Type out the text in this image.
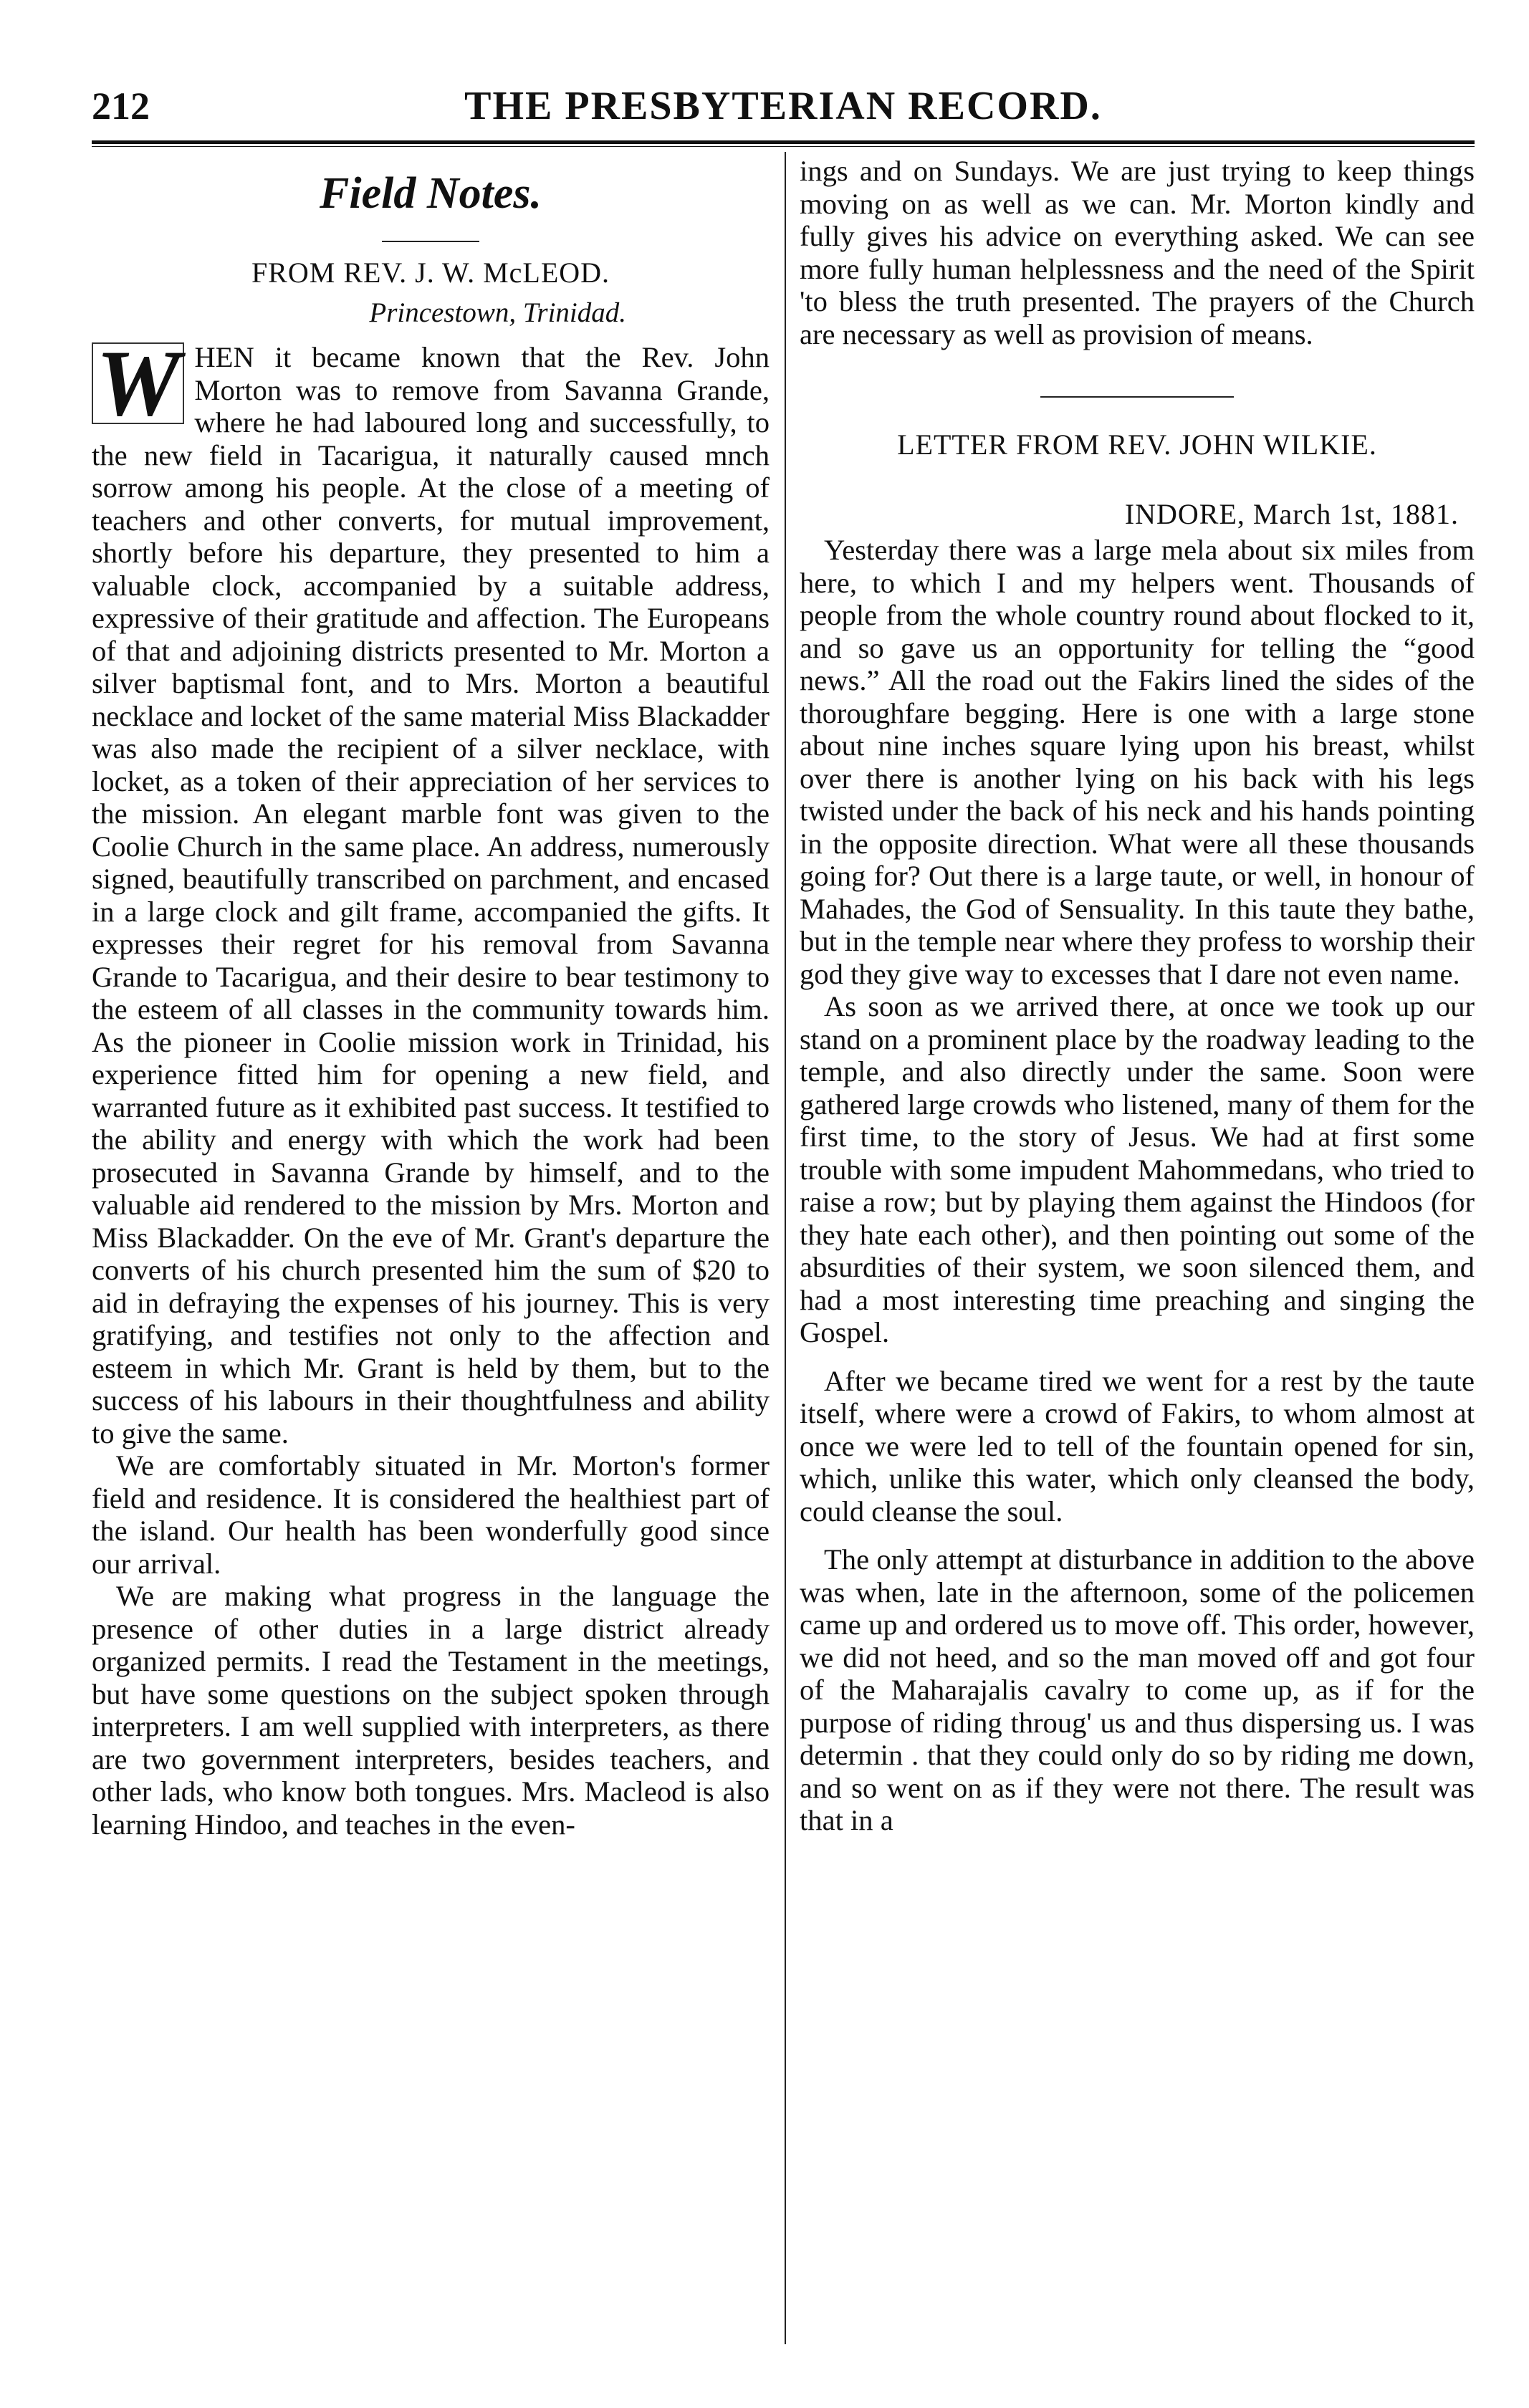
212	THE PRESBYTERIAN RECORD.
Field Notes.
FROM REV. J. W. McLEOD.
Princestown, Trinidad.

W HEN it became known that the Rev. John Morton was to remove from Savanna Grande, where he had laboured long and successfully, to the new field in Tacarigua, it naturally caused mnch sorrow among his people. At the close of a meeting of teachers and other converts, for mutual improvement, shortly before his departure, they presented to him a valuable clock, accompanied by a suitable address, expressive of their gratitude and affection. The Europeans of that and adjoining districts presented to Mr. Morton a silver baptismal font, and to Mrs. Morton a beautiful necklace and locket of the same material Miss Blackadder was also made the recipient of a silver necklace, with locket, as a token of their appreciation of her services to the mission. An elegant marble font was given to the Coolie Church in the same place. An address, numerously signed, beautifully transcribed on parchment, and encased in a large clock and gilt frame, accompanied the gifts. It expresses their regret for his removal from Savanna Grande to Tacarigua, and their desire to bear testimony to the esteem of all classes in the community towards him. As the pioneer in Coolie mission work in Trinidad, his experience fitted him for opening a new field, and warranted future as it exhibited past success. It testified to the ability and energy with which the work had been prosecuted in Savanna Grande by himself, and to the valuable aid rendered to the mission by Mrs. Morton and Miss Blackadder. On the eve of Mr. Grant's departure the converts of his church presented him the sum of $20 to aid in defraying the expenses of his journey. This is very gratifying, and testifies not only to the affection and esteem in which Mr. Grant is held by them, but to the success of his labours in their thoughtfulness and ability to give the same.

We are comfortably situated in Mr. Morton's former field and residence. It is considered the healthiest part of the island. Our health has been wonderfully good since our arrival.

We are making what progress in the language the presence of other duties in a large district already organized permits. I read the Testament in the meetings, but have some questions on the subject spoken through interpreters. I am well supplied with interpreters, as there are two government interpreters, besides teachers, and other lads, who know both tongues. Mrs. Macleod is also learning Hindoo, and teaches in the even-

ings and on Sundays. We are just trying to keep things moving on as well as we can. Mr. Morton kindly and fully gives his advice on everything asked. We can see more fully human helplessness and the need of the Spirit 'to bless the truth presented. The prayers of the Church are necessary as well as provision of means.

LETTER FROM REV. JOHN WILKIE.
INDORE, March 1st, 1881.

Yesterday there was a large mela about six miles from here, to which I and my helpers went. Thousands of people from the whole country round about flocked to it, and so gave us an opportunity for telling the “good news.” All the road out the Fakirs lined the sides of the thoroughfare begging. Here is one with a large stone about nine inches square lying upon his breast, whilst over there is another lying on his back with his legs twisted under the back of his neck and his hands pointing in the opposite direction. What were all these thousands going for? Out there is a large taute, or well, in honour of Mahades, the God of Sensuality. In this taute they bathe, but in the temple near where they profess to worship their god they give way to excesses that I dare not even name.

As soon as we arrived there, at once we took up our stand on a prominent place by the roadway leading to the temple, and also directly under the same. Soon were gathered large crowds who listened, many of them for the first time, to the story of Jesus. We had at first some trouble with some impudent Mahommedans, who tried to raise a row; but by playing them against the Hindoos (for they hate each other), and then pointing out some of the absurdities of their system, we soon silenced them, and had a most interesting time preaching and singing the Gospel.

After we became tired we went for a rest by the taute itself, where were a crowd of Fakirs, to whom almost at once we were led to tell of the fountain opened for sin, which, unlike this water, which only cleansed the body, could cleanse the soul.

The only attempt at disturbance in addition to the above was when, late in the afternoon, some of the policemen came up and ordered us to move off. This order, however, we did not heed, and so the man moved off and got four of the Maharajalis cavalry to come up, as if for the purpose of riding throug' us and thus dispersing us. I was determin . that they could only do so by riding me down, and so went on as if they were not there. The result was that in a
